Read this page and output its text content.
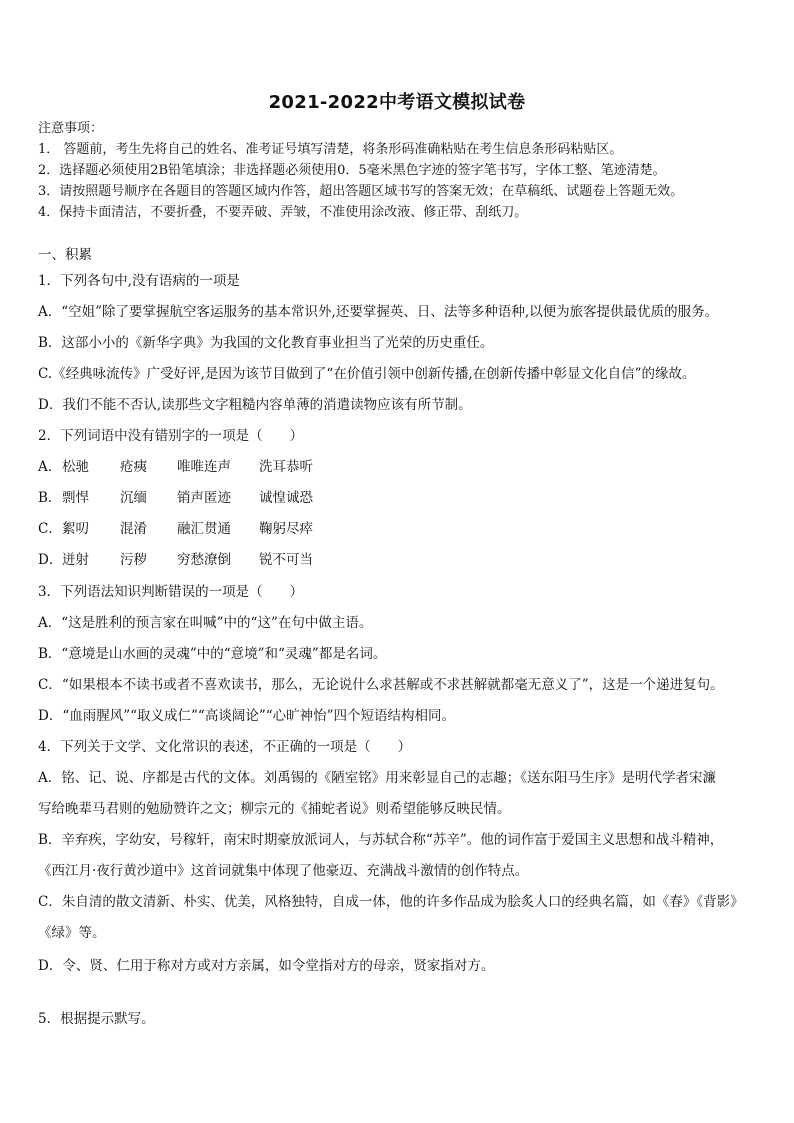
2021-2022中考语文模拟试卷
注意事项：
1． 答题前，考生先将自己的姓名、准考证号填写清楚，将条形码准确粘贴在考生信息条形码粘贴区。
2．选择题必须使用2B铅笔填涂；非选择题必须使用0．5毫米黑色字迹的签字笔书写，字体工整、笔迹清楚。
3．请按照题号顺序在各题目的答题区域内作答，超出答题区域书写的答案无效；在草稿纸、试题卷上答题无效。
4．保持卡面清洁，不要折叠，不要弄破、弄皱，不准使用涂改液、修正带、刮纸刀。
一、积累
1．下列各句中,没有语病的一项是
A．“空姐”除了要掌握航空客运服务的基本常识外,还要掌握英、日、法等多种语种,以便为旅客提供最优质的服务。
B．这部小小的《新华字典》为我国的文化教育事业担当了光荣的历史重任。
C.《经典咏流传》广受好评,是因为该节目做到了“在价值引领中创新传播,在创新传播中彰显文化自信”的缘故。
D．我们不能不否认,读那些文字粗糙内容单薄的消遣读物应该有所节制。
2．下列词语中没有错别字的一项是（　　）
A．松驰 疮痍 唯唯连声 洗耳恭听
B．剽悍 沉缅 销声匿迹 诚惶诚恐
C．絮叨 混淆 融汇贯通 鞠躬尽瘁
D．迸射 污秽 穷愁潦倒 锐不可当
3．下列语法知识判断错误的一项是（　　）
A．“这是胜利的预言家在叫喊”中的“这”在句中做主语。
B．“意境是山水画的灵魂”中的“意境”和“灵魂”都是名词。
C．“如果根本不读书或者不喜欢读书，那么，无论说什么求甚解或不求甚解就都毫无意义了”，这是一个递进复句。
D．“血雨腥风”“取义成仁”“高谈阔论”“心旷神怡”四个短语结构相同。
4．下列关于文学、文化常识的表述，不正确的一项是（　　）
A．铭、记、说、序都是古代的文体。刘禹锡的《陋室铭》用来彰显自己的志趣；《送东阳马生序》是明代学者宋濂
写给晚辈马君则的勉励赞许之文；柳宗元的《捕蛇者说》则希望能够反映民情。
B．辛弃疾，字幼安，号稼轩，南宋时期豪放派词人，与苏轼合称“苏辛”。他的词作富于爱国主义思想和战斗精神，
《西江月·夜行黄沙道中》这首词就集中体现了他豪迈、充满战斗激情的创作特点。
C．朱自清的散文清新、朴实、优美，风格独特，自成一体，他的许多作品成为脍炙人口的经典名篇，如《春》《背影》
《绿》等。
D．令、贤、仁用于称对方或对方亲属，如令堂指对方的母亲，贤家指对方。
5．根据提示默写。
